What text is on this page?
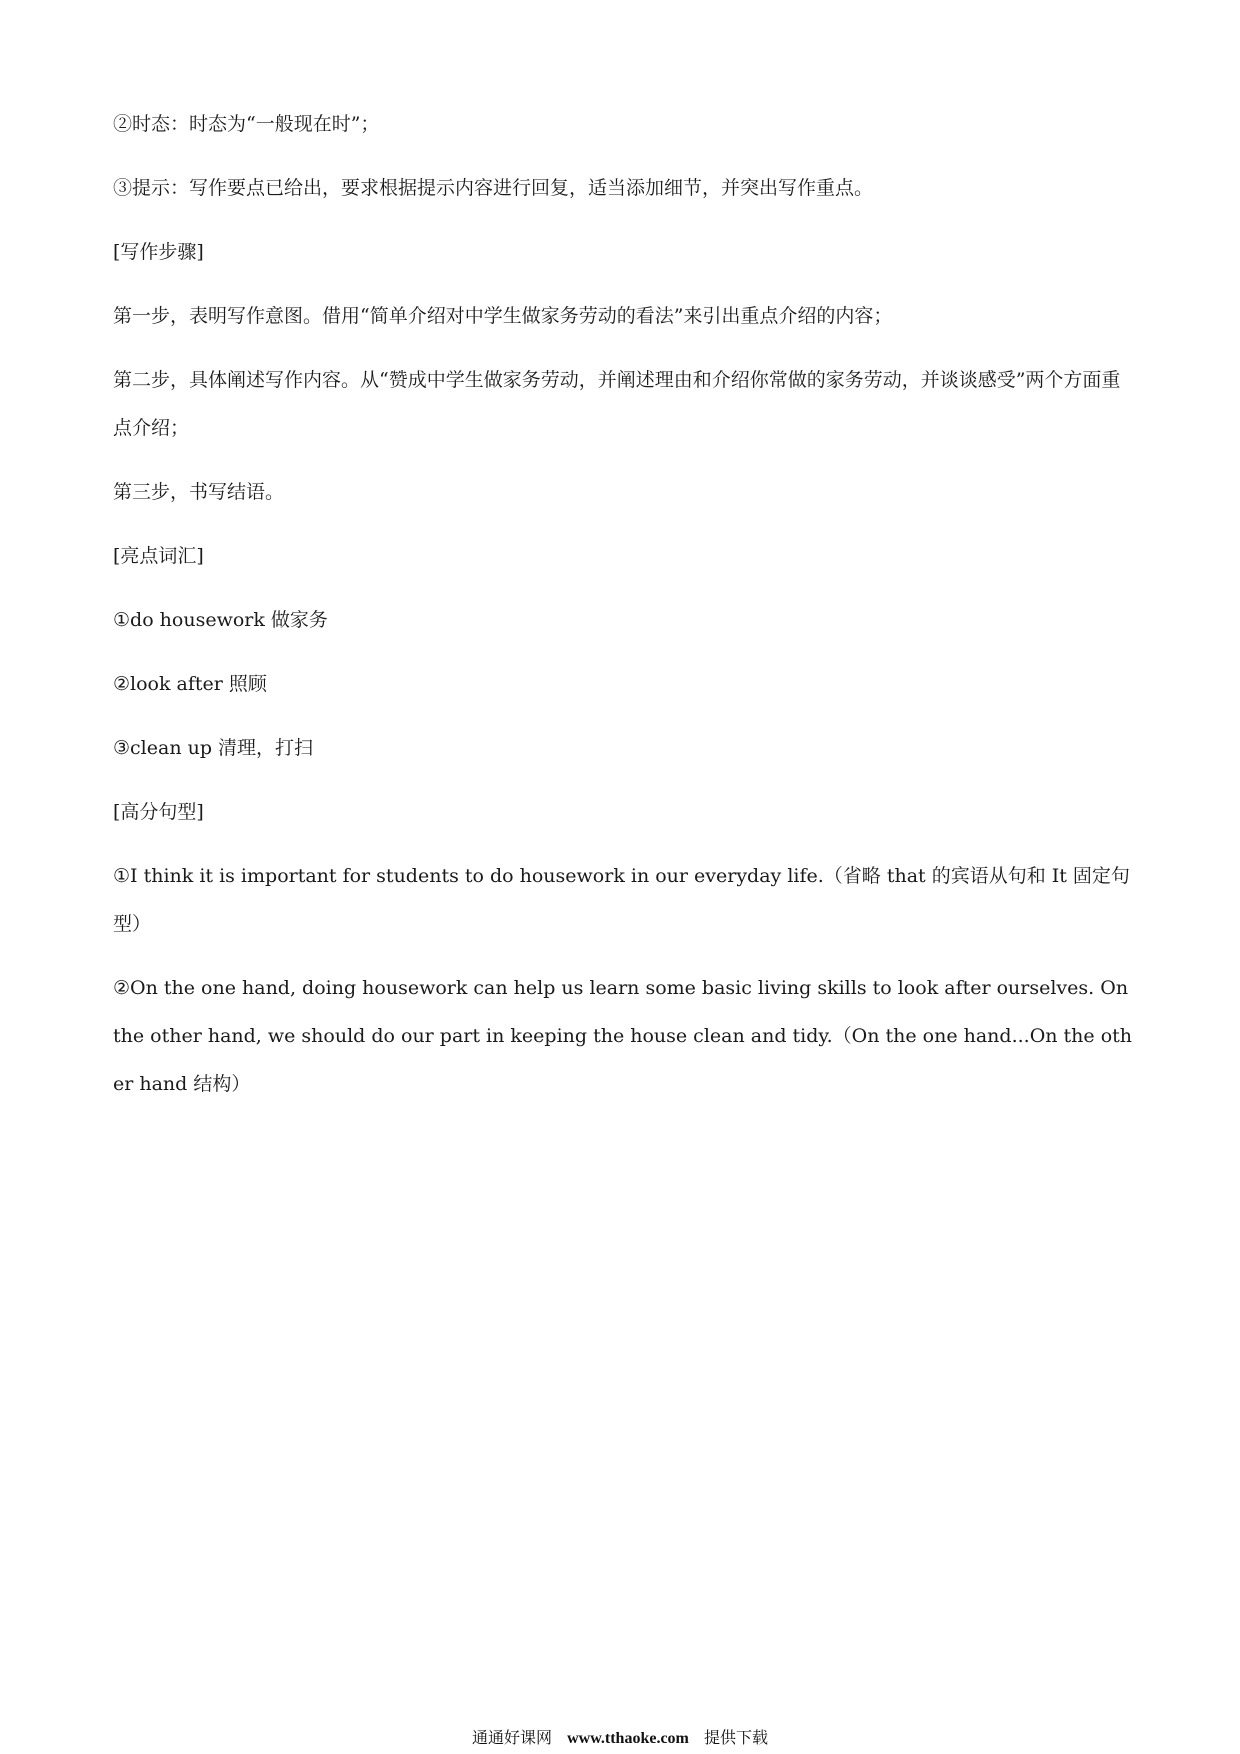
②时态：时态为“一般现在时”；

③提示：写作要点已给出，要求根据提示内容进行回复，适当添加细节，并突出写作重点。

[写作步骤]

第一步，表明写作意图。借用“简单介绍对中学生做家务劳动的看法”来引出重点介绍的内容；

第二步，具体阐述写作内容。从“赞成中学生做家务劳动，并阐述理由和介绍你常做的家务劳动，并谈谈感受”两个方面重点介绍；

第三步，书写结语。

[亮点词汇]

①do housework 做家务

②look after 照顾

③clean up 清理，打扫

[高分句型]

①I think it is important for students to do housework in our everyday life.（省略 that 的宾语从句和 It 固定句型）

②On the one hand, doing housework can help us learn some basic living skills to look after ourselves. On the other hand, we should do our part in keeping the house clean and tidy.（On the one hand...On the other hand 结构）

通通好课网 www.tthaoke.com 提供下载
